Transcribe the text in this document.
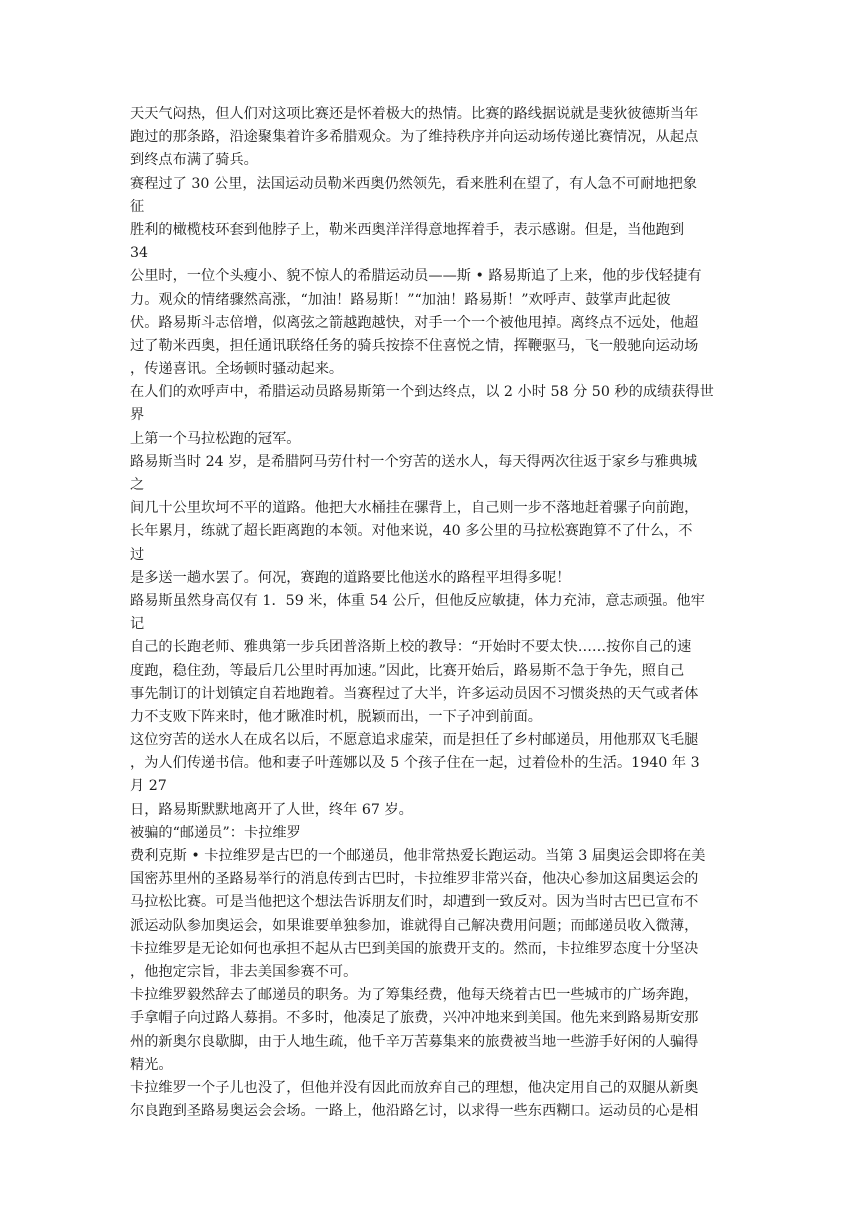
天天气闷热，但人们对这项比赛还是怀着极大的热情。比赛的路线据说就是斐狄彼德斯当年
跑过的那条路，沿途聚集着许多希腊观众。为了维持秩序并向运动场传递比赛情况，从起点
到终点布满了骑兵。
赛程过了 30 公里，法国运动员勒米西奥仍然领先，看来胜利在望了，有人急不可耐地把象
征
胜利的橄榄枝环套到他脖子上，勒米西奥洋洋得意地挥着手，表示感谢。但是，当他跑到
34
公里时，一位个头瘦小、貌不惊人的希腊运动员——斯 • 路易斯追了上来，他的步伐轻捷有
力。观众的情绪骤然高涨，“加油！路易斯！”“加油！路易斯！”欢呼声、鼓掌声此起彼
伏。路易斯斗志倍增，似离弦之箭越跑越快，对手一个一个被他甩掉。离终点不远处，他超
过了勒米西奥，担任通讯联络任务的骑兵按捺不住喜悦之情，挥鞭驱马，飞一般驰向运动场
，传递喜讯。全场顿时骚动起来。
在人们的欢呼声中，希腊运动员路易斯第一个到达终点，以 2 小时 58 分 50 秒的成绩获得世
界
上第一个马拉松跑的冠军。
路易斯当时 24 岁，是希腊阿马劳什村一个穷苦的送水人，每天得两次往返于家乡与雅典城
之
间几十公里坎坷不平的道路。他把大水桶挂在骡背上，自己则一步不落地赶着骡子向前跑，
长年累月，练就了超长距离跑的本领。对他来说，40 多公里的马拉松赛跑算不了什么，不
过
是多送一趟水罢了。何况，赛跑的道路要比他送水的路程平坦得多呢！
路易斯虽然身高仅有 1．59 米，体重 54 公斤，但他反应敏捷，体力充沛，意志顽强。他牢
记
自己的长跑老师、雅典第一步兵团普洛斯上校的教导：“开始时不要太快……按你自己的速
度跑，稳住劲，等最后几公里时再加速。”因此，比赛开始后，路易斯不急于争先，照自己
事先制订的计划镇定自若地跑着。当赛程过了大半，许多运动员因不习惯炎热的天气或者体
力不支败下阵来时，他才瞅准时机，脱颖而出，一下子冲到前面。
这位穷苦的送水人在成名以后，不愿意追求虚荣，而是担任了乡村邮递员，用他那双飞毛腿
，为人们传递书信。他和妻子叶莲娜以及 5 个孩子住在一起，过着俭朴的生活。1940 年 3
月 27
日，路易斯默默地离开了人世，终年 67 岁。
被骗的“邮递员”：卡拉维罗
费利克斯 • 卡拉维罗是古巴的一个邮递员，他非常热爱长跑运动。当第 3 届奥运会即将在美
国密苏里州的圣路易举行的消息传到古巴时，卡拉维罗非常兴奋，他决心参加这届奥运会的
马拉松比赛。可是当他把这个想法告诉朋友们时，却遭到一致反对。因为当时古巴已宣布不
派运动队参加奥运会，如果谁要单独参加，谁就得自己解决费用问题；而邮递员收入微薄，
卡拉维罗是无论如何也承担不起从古巴到美国的旅费开支的。然而，卡拉维罗态度十分坚决
，他抱定宗旨，非去美国参赛不可。
卡拉维罗毅然辞去了邮递员的职务。为了筹集经费，他每天绕着古巴一些城市的广场奔跑，
手拿帽子向过路人募捐。不多时，他凑足了旅费，兴冲冲地来到美国。他先来到路易斯安那
州的新奥尔良歇脚，由于人地生疏，他千辛万苦募集来的旅费被当地一些游手好闲的人骗得
精光。
卡拉维罗一个子儿也没了，但他并没有因此而放弃自己的理想，他决定用自己的双腿从新奥
尔良跑到圣路易奥运会会场。一路上，他沿路乞讨，以求得一些东西糊口。运动员的心是相
